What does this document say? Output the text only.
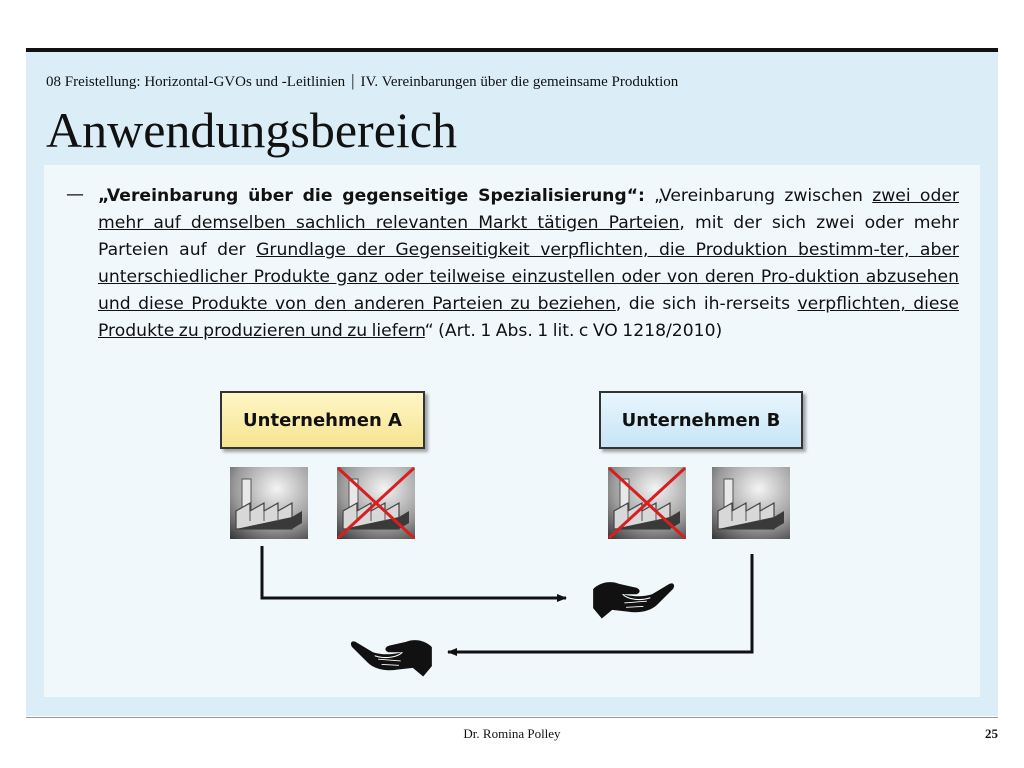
08 Freistellung: Horizontal-GVOs und -Leitlinien | IV. Vereinbarungen über die gemeinsame Produktion
Anwendungsbereich
— „Vereinbarung über die gegenseitige Spezialisierung“: „Vereinbarung zwischen zwei oder mehr auf demselben sachlich relevanten Markt tätigen Parteien, mit der sich zwei oder mehr Parteien auf der Grundlage der Gegenseitigkeit verpflichten, die Produktion bestimm-ter, aber unterschiedlicher Produkte ganz oder teilweise einzustellen oder von deren Pro-duktion abzusehen und diese Produkte von den anderen Parteien zu beziehen, die sich ih-rerseits verpflichten, diese Produkte zu produzieren und zu liefern“ (Art. 1 Abs. 1 lit. c VO 1218/2010)
Unternehmen A	Unternehmen B
Dr. Romina Polley	25
